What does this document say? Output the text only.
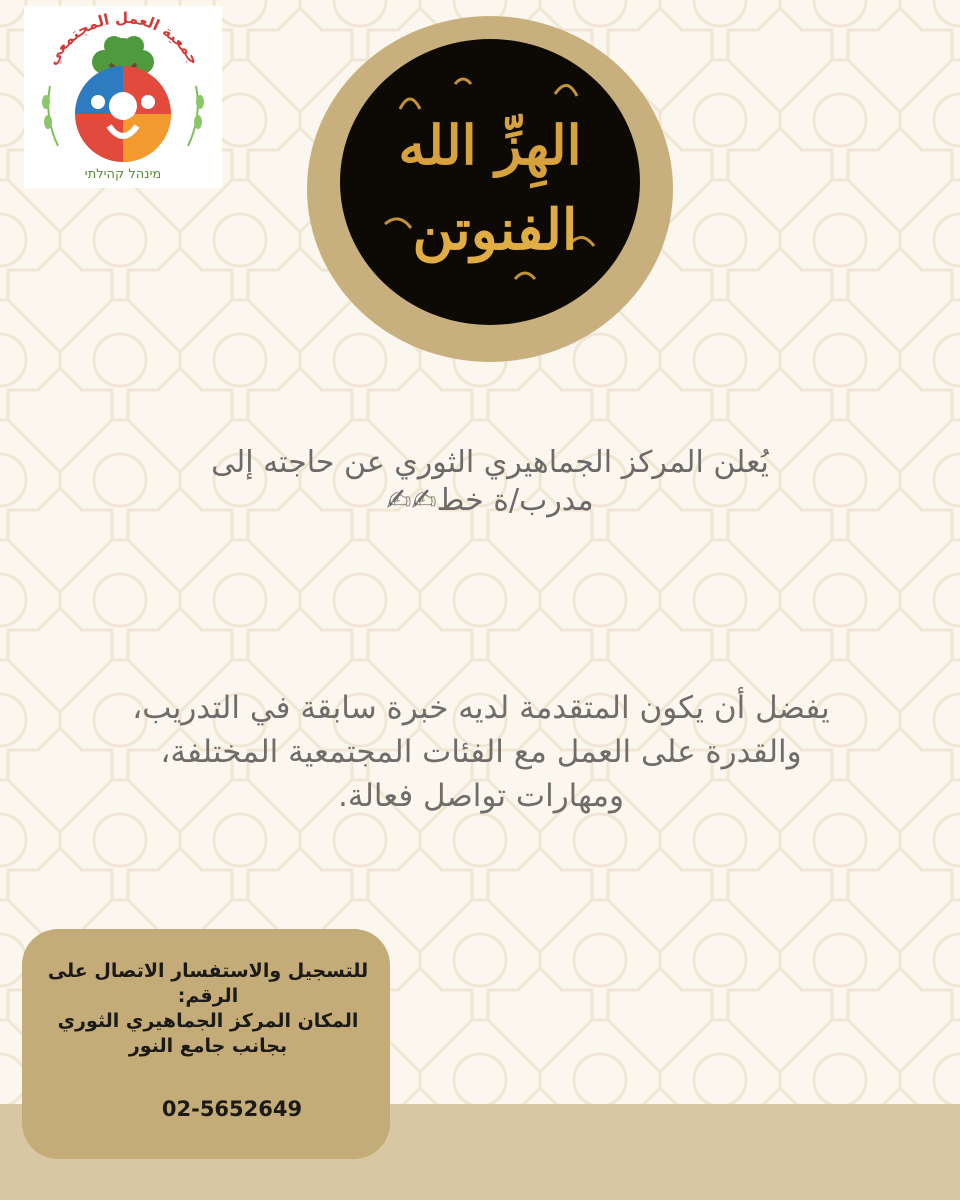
جمعية العمل المجتمعي
מינהל קהילתי	الهِزِّ الله
الفنوتن
يُعلن المركز الجماهيري الثوري عن حاجته إلى
مدرب/ة خط✍✍
يفضل أن يكون المتقدمة لديه خبرة سابقة في التدريب،
والقدرة على العمل مع الفئات المجتمعية المختلفة،
ومهارات تواصل فعالة.
للتسجيل والاستفسار الاتصال على
الرقم:
المكان المركز الجماهيري الثوري
بجانب جامع النور
02-5652649
